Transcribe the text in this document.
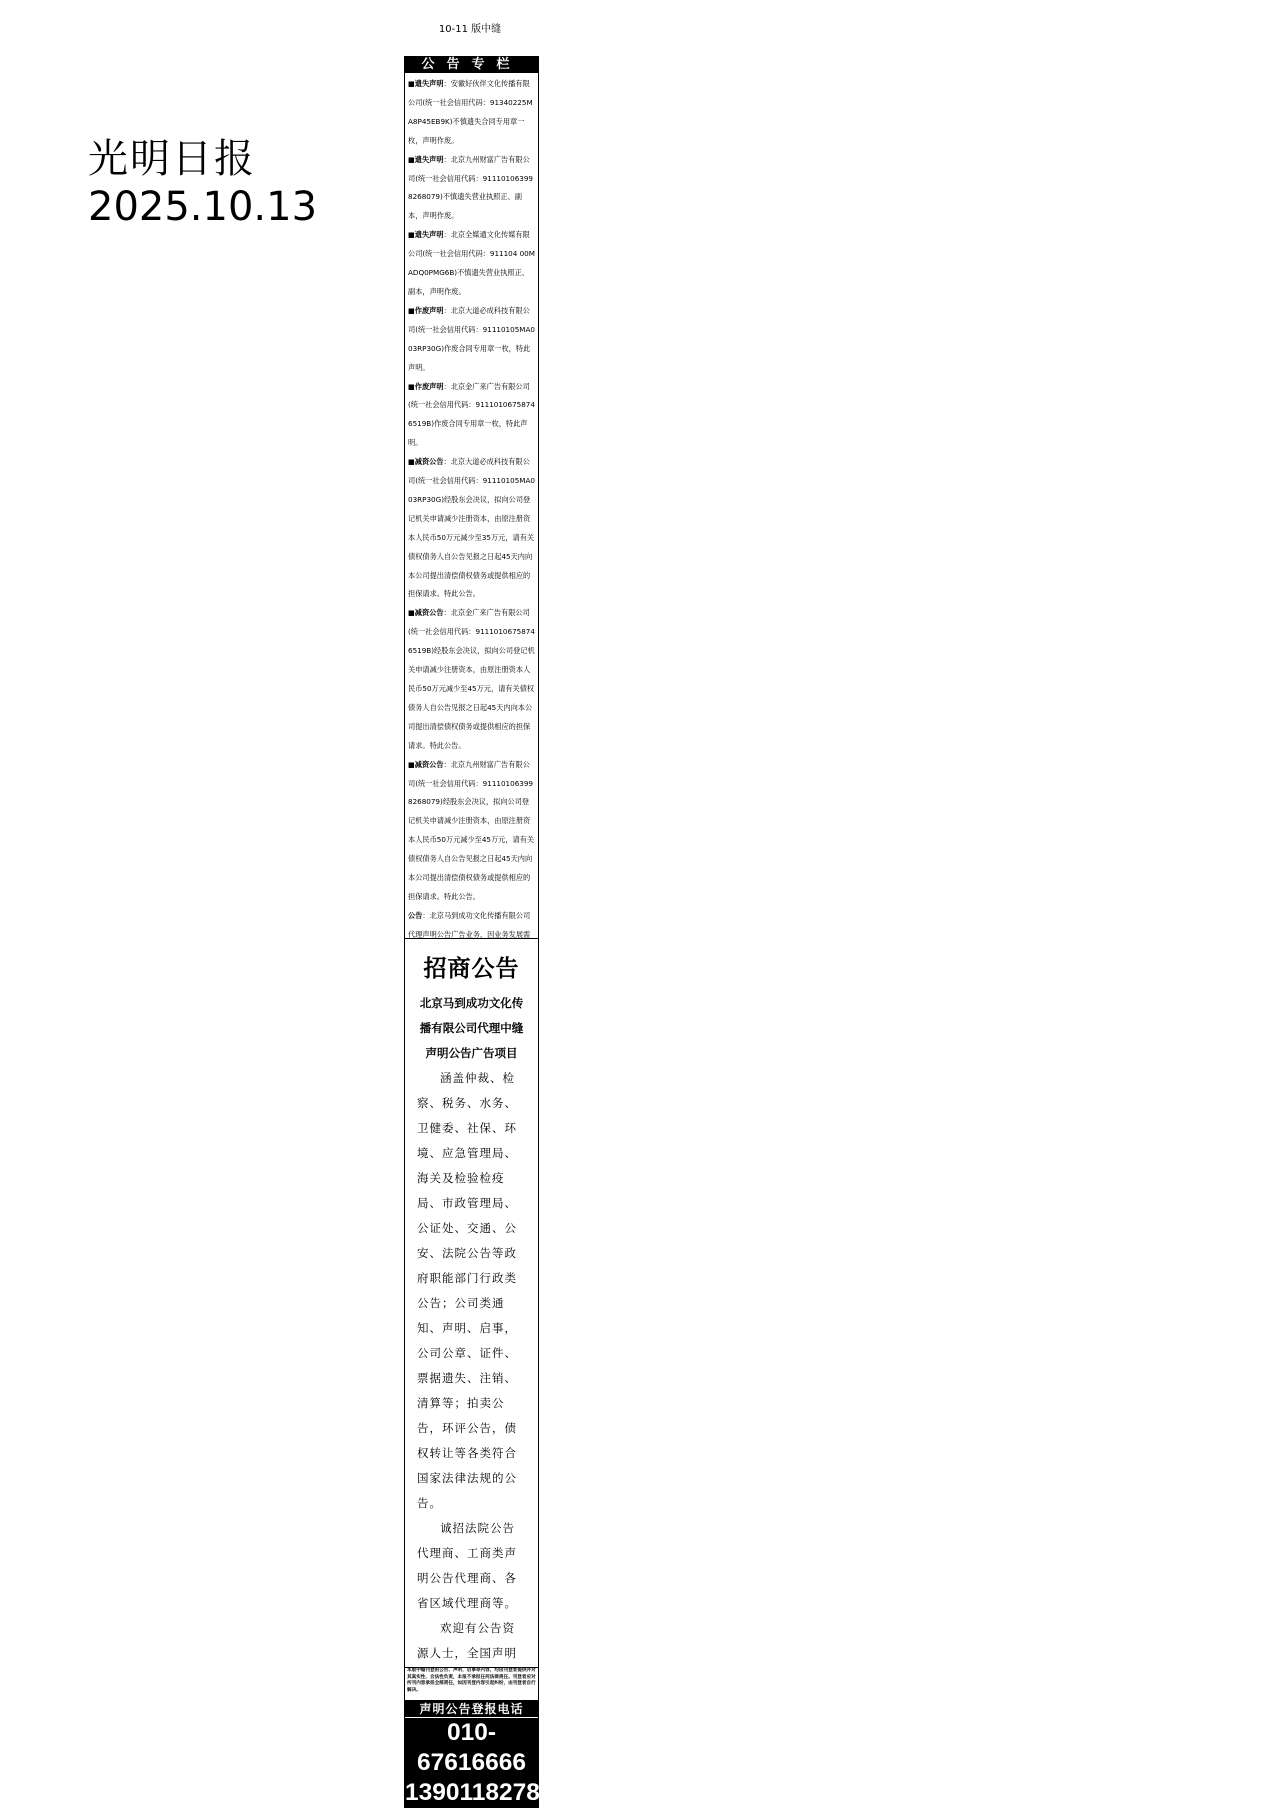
10-11 版中缝
光明日报
2025.10.13
公告专栏

■遗失声明：安徽好伙伴文化传播有限公司(统一社会信用代码：91340225MA8P45EB9K)不慎遗失合同专用章一枚，声明作废。

■遗失声明：北京九州财富广告有限公司(统一社会信用代码：911101063998268079)不慎遗失营业执照正、副本，声明作废。

■遗失声明：北京全媒通文化传媒有限公司(统一社会信用代码：911104 00MADQ0PMG6B)不慎遗失营业执照正、副本，声明作废。

■作废声明：北京大道必成科技有限公司(统一社会信用代码：91110105MA003RP30G)作废合同专用章一枚，特此声明。

■作废声明：北京金广来广告有限公司(统一社会信用代码：91110106758746519B)作废合同专用章一枚，特此声明。

■减资公告：北京大道必成科技有限公司(统一社会信用代码：91110105MA003RP30G)经股东会决议，拟向公司登记机关申请减少注册资本，由原注册资本人民币50万元减少至35万元，请有关债权债务人自公告见报之日起45天内向本公司提出清偿债权债务或提供相应的担保请求。特此公告。

■减资公告：北京金广来广告有限公司(统一社会信用代码：91110106758746519B)经股东会决议，拟向公司登记机关申请减少注册资本，由原注册资本人民币50万元减少至45万元，请有关债权债务人自公告见报之日起45天内向本公司提出清偿债权债务或提供相应的担保请求。特此公告。

■减资公告：北京九州财富广告有限公司(统一社会信用代码：911101063998268079)经股东会决议，拟向公司登记机关申请减少注册资本，由原注册资本人民币50万元减少至45万元，请有关债权债务人自公告见报之日起45天内向本公司提出清偿债权债务或提供相应的担保请求。特此公告。

公告：北京马到成功文化传播有限公司代理声明公告广告业务，因业务发展需

招商公告

北京马到成功文化传播有限公司代理中缝声明公告广告项目

涵盖仲裁、检察、税务、水务、卫健委、社保、环境、应急管理局、海关及检验检疫局、市政管理局、公证处、交通、公安、法院公告等政府职能部门行政类公告；公司类通知、声明、启事，公司公章、证件、票据遗失、注销、清算等；拍卖公告，环评公告，债权转让等各类符合国家法律法规的公告。

诚招法院公告代理商、工商类声明公告代理商、各省区域代理商等。

欢迎有公告资源人士，全国声明

本版中缝刊登的公告、声明、启事等内容，均由刊登者提供并对其真实性、合法性负责，本报不承担任何法律责任。刊登者应对所刊内容承担全部责任，如因刊登内容引起纠纷，由刊登者自行解决。
声明公告登报电话
010-67616666
13901182789
